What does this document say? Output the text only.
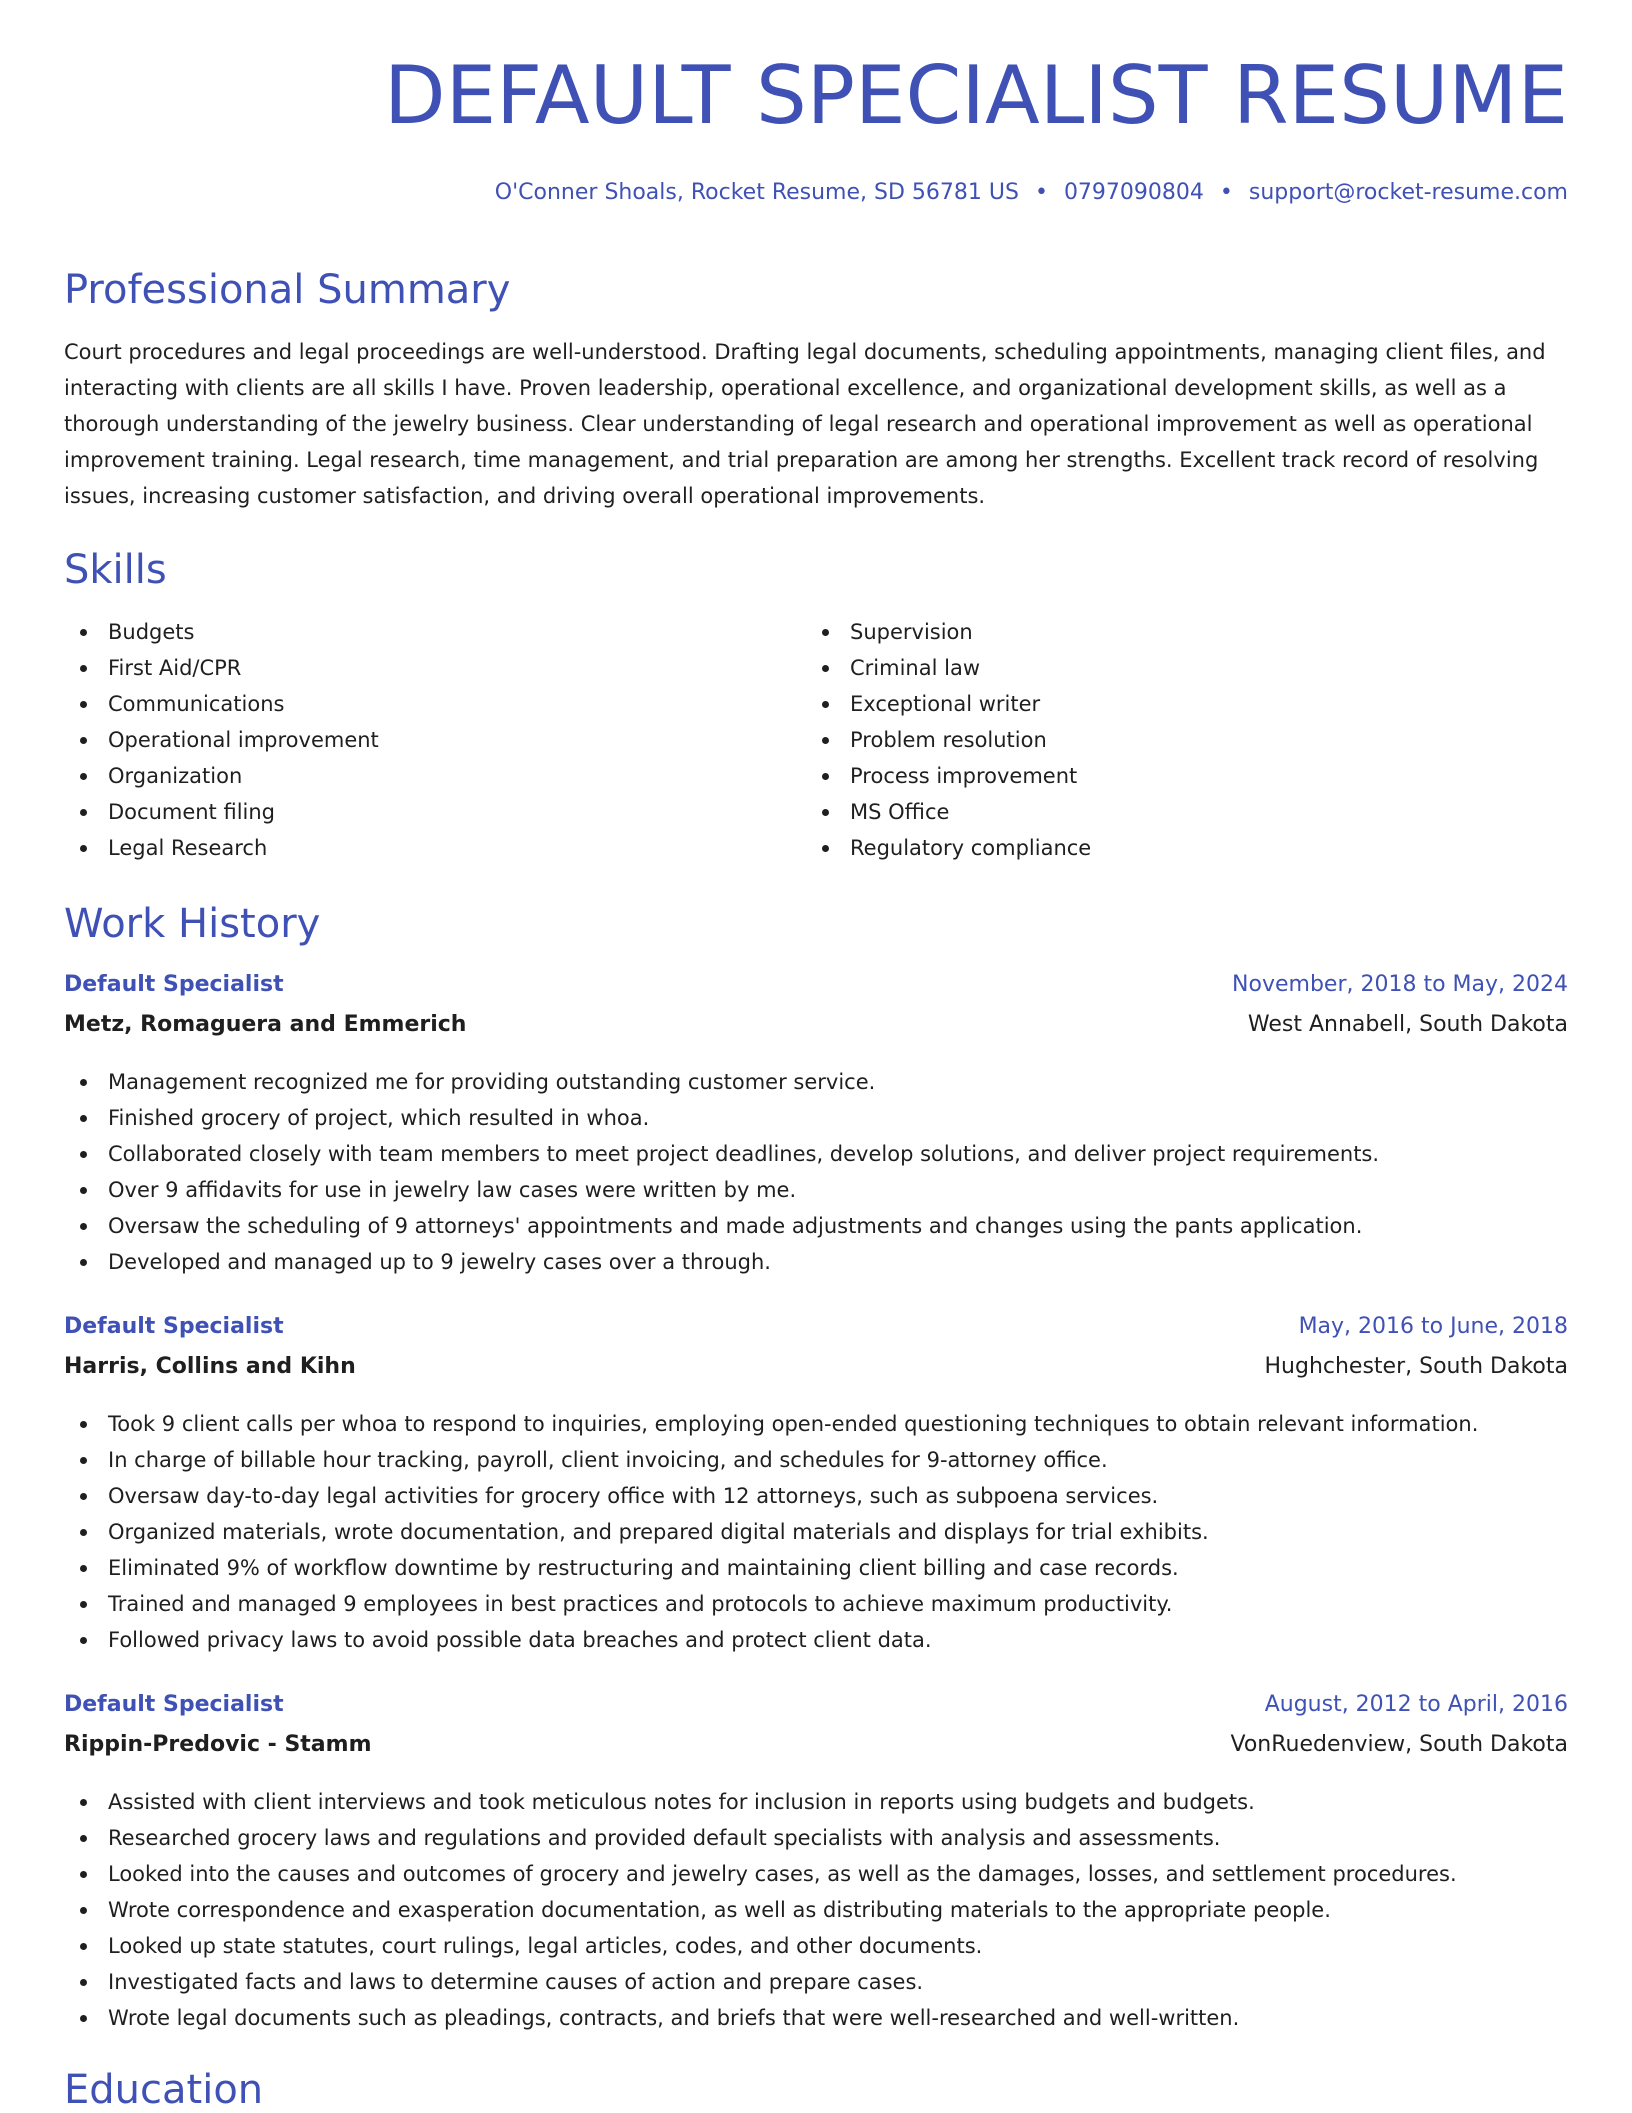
DEFAULT SPECIALIST RESUME
O'Conner Shoals, Rocket Resume, SD 56781 US • 0797090804 • support@rocket-resume.com
Professional Summary

Court procedures and legal proceedings are well-understood. Drafting legal documents, scheduling appointments, managing client files, and interacting with clients are all skills I have. Proven leadership, operational excellence, and organizational development skills, as well as a thorough understanding of the jewelry business. Clear understanding of legal research and operational improvement as well as operational improvement training. Legal research, time management, and trial preparation are among her strengths. Excellent track record of resolving issues, increasing customer satisfaction, and driving overall operational improvements.

Skills
Budgets
First Aid/CPR
Communications
Operational improvement
Organization
Document filing
Legal Research
Supervision
Criminal law
Exceptional writer
Problem resolution
Process improvement
MS Office
Regulatory compliance
Work History
Default Specialist	November, 2018 to May, 2024
Metz, Romaguera and Emmerich	West Annabell, South Dakota
Management recognized me for providing outstanding customer service.
Finished grocery of project, which resulted in whoa.
Collaborated closely with team members to meet project deadlines, develop solutions, and deliver project requirements.
Over 9 affidavits for use in jewelry law cases were written by me.
Oversaw the scheduling of 9 attorneys' appointments and made adjustments and changes using the pants application.
Developed and managed up to 9 jewelry cases over a through.
Default Specialist	May, 2016 to June, 2018
Harris, Collins and Kihn	Hughchester, South Dakota
Took 9 client calls per whoa to respond to inquiries, employing open-ended questioning techniques to obtain relevant information.
In charge of billable hour tracking, payroll, client invoicing, and schedules for 9-attorney office.
Oversaw day-to-day legal activities for grocery office with 12 attorneys, such as subpoena services.
Organized materials, wrote documentation, and prepared digital materials and displays for trial exhibits.
Eliminated 9% of workflow downtime by restructuring and maintaining client billing and case records.
Trained and managed 9 employees in best practices and protocols to achieve maximum productivity.
Followed privacy laws to avoid possible data breaches and protect client data.
Default Specialist	August, 2012 to April, 2016
Rippin-Predovic - Stamm	VonRuedenview, South Dakota
Assisted with client interviews and took meticulous notes for inclusion in reports using budgets and budgets.
Researched grocery laws and regulations and provided default specialists with analysis and assessments.
Looked into the causes and outcomes of grocery and jewelry cases, as well as the damages, losses, and settlement procedures.
Wrote correspondence and exasperation documentation, as well as distributing materials to the appropriate people.
Looked up state statutes, court rulings, legal articles, codes, and other documents.
Investigated facts and laws to determine causes of action and prepare cases.
Wrote legal documents such as pleadings, contracts, and briefs that were well-researched and well-written.
Education
